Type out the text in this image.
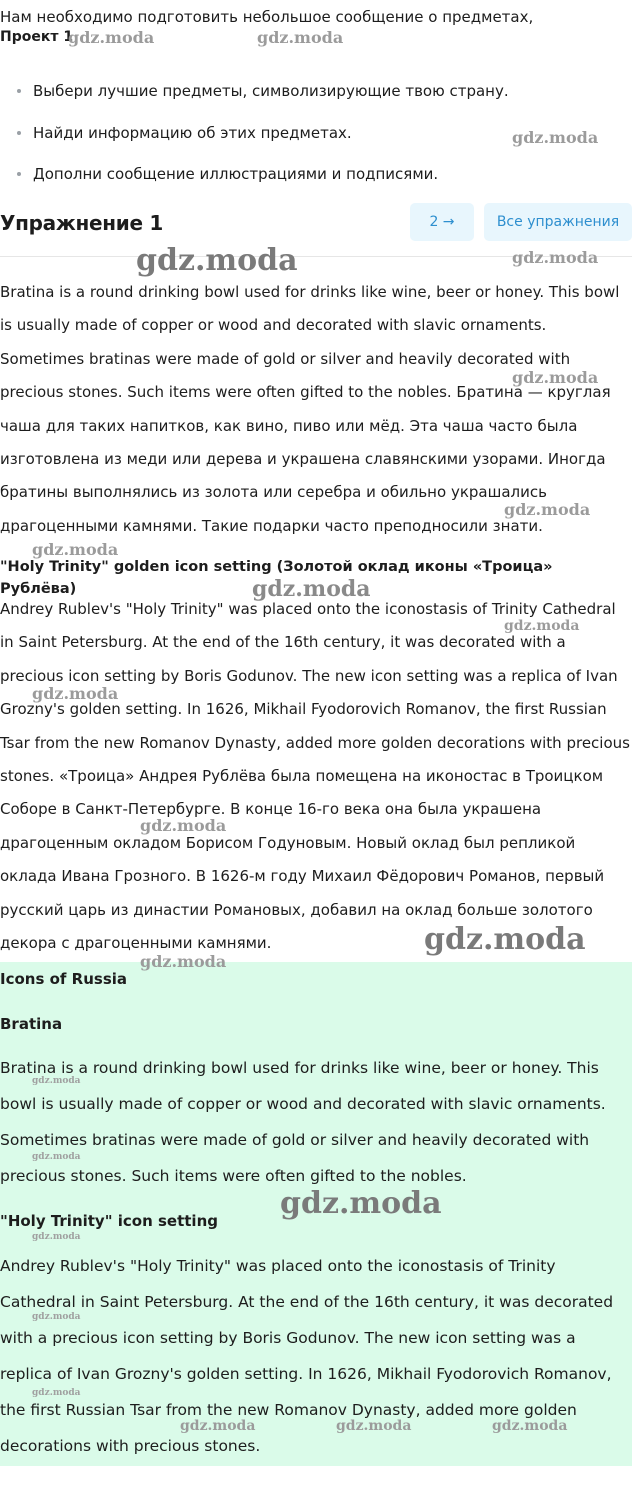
Нам необходимо подготовить небольшое сообщение о предметах,
Проект 1
Выбери лучшие предметы, символизирующие твою страну.
Найди информацию об этих предметах.
Дополни сообщение иллюстрациями и подписями.
Упражнение 1	2 →	Все упражнения
Bratina is a round drinking bowl used for drinks like wine, beer or honey. This bowl is usually made of copper or wood and decorated with slavic ornaments. Sometimes bratinas were made of gold or silver and heavily decorated with precious stones. Such items were often gifted to the nobles. Братина — круглая чаша для таких напитков, как вино, пиво или мёд. Эта чаша часто была изготовлена из меди или дерева и украшена славянскими узорами. Иногда братины выполнялись из золота или серебра и обильно украшались драгоценными камнями. Такие подарки часто преподносили знати.
"Holy Trinity" golden icon setting (Золотой оклад иконы «Троица» Рублёва)
Andrey Rublev's "Holy Trinity" was placed onto the iconostasis of Trinity Cathedral in Saint Petersburg. At the end of the 16th century, it was decorated with a precious icon setting by Boris Godunov. The new icon setting was a replica of Ivan Grozny's golden setting. In 1626, Mikhail Fyodorovich Romanov, the first Russian Tsar from the new Romanov Dynasty, added more golden decorations with precious stones. «Троица» Андрея Рублёва была помещена на иконостас в Троицком Соборе в Санкт-Петербурге. В конце 16-го века она была украшена драгоценным окладом Борисом Годуновым. Новый оклад был репликой оклада Ивана Грозного. В 1626-м году Михаил Фёдорович Романов, первый русский царь из династии Романовых, добавил на оклад больше золотого декора с драгоценными камнями.
Icons of Russia
Bratina
Bratina is a round drinking bowl used for drinks like wine, beer or honey. This bowl is usually made of copper or wood and decorated with slavic ornaments. Sometimes bratinas were made of gold or silver and heavily decorated with precious stones. Such items were often gifted to the nobles.
"Holy Trinity" icon setting
Andrey Rublev's "Holy Trinity" was placed onto the iconostasis of Trinity Cathedral in Saint Petersburg. At the end of the 16th century, it was decorated with a precious icon setting by Boris Godunov. The new icon setting was a replica of Ivan Grozny's golden setting. In 1626, Mikhail Fyodorovich Romanov, the first Russian Tsar from the new Romanov Dynasty, added more golden decorations with precious stones.
gdz.moda	gdz.moda
gdz.moda
gdz.moda	gdz.moda
gdz.moda
gdz.moda
gdz.moda
gdz.moda
gdz.moda
gdz.moda
gdz.moda
gdz.moda
gdz.moda
gdz.moda
gdz.moda
gdz.moda
gdz.moda
gdz.moda
gdz.moda
gdz.moda	gdz.moda	gdz.moda
